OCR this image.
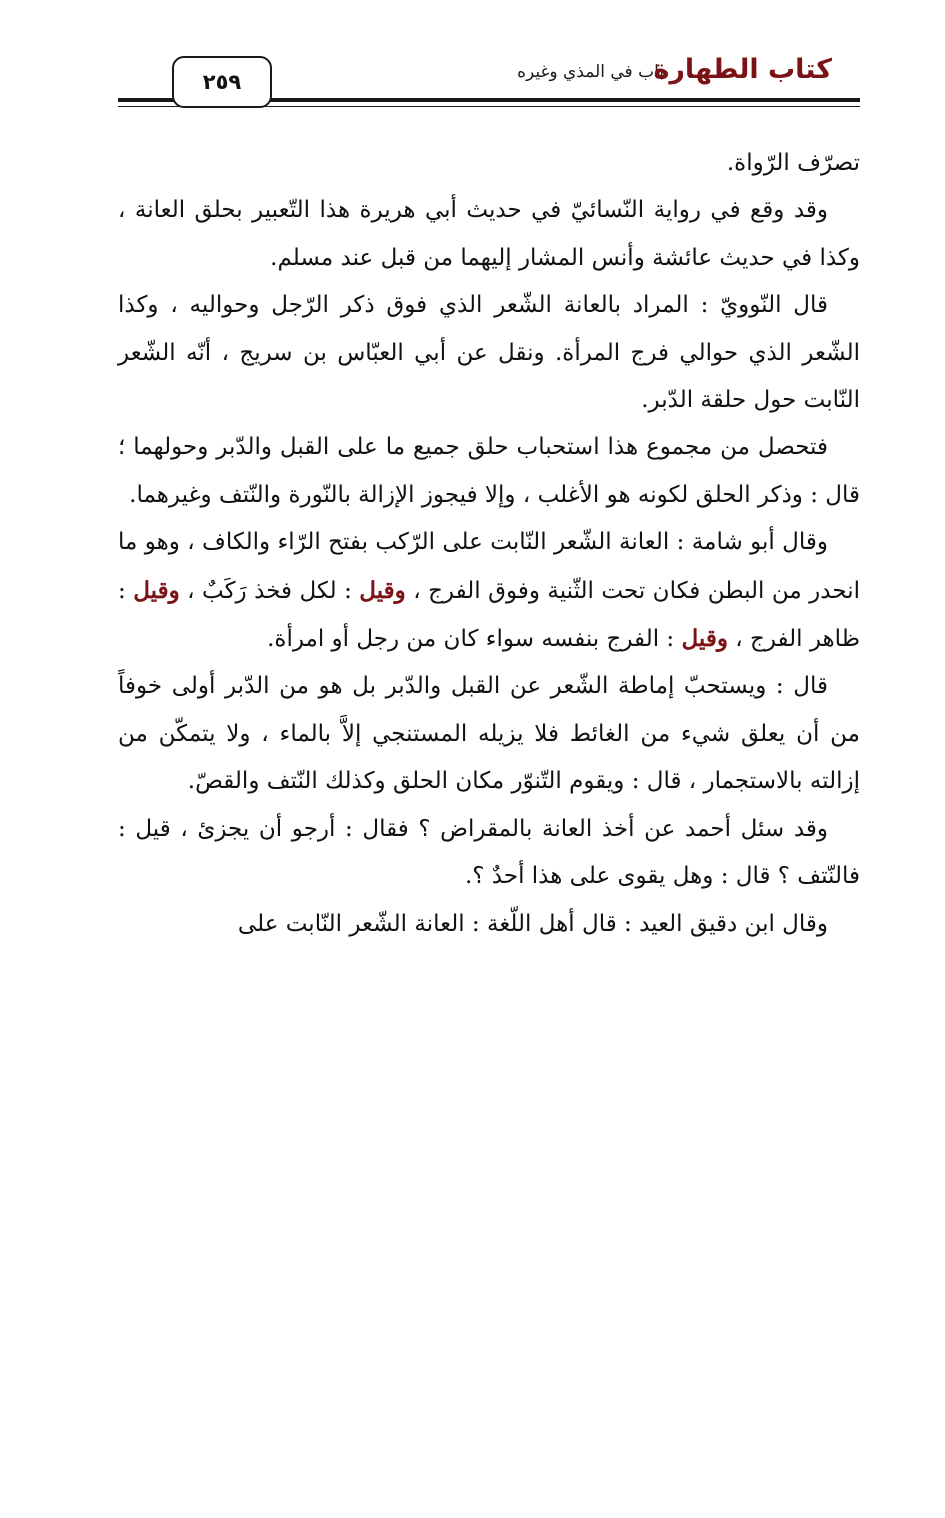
٢٥٩	باب في المذي وغيره
كتاب الطهارة

تصرّف الرّواة.

وقد وقع في رواية النّسائيّ في حديث أبي هريرة هذا التّعبير بحلق العانة ، وكذا في حديث عائشة وأنس المشار إليهما من قبل عند مسلم.

قال النّوويّ : المراد بالعانة الشّعر الذي فوق ذكر الرّجل وحواليه ، وكذا الشّعر الذي حوالي فرج المرأة. ونقل عن أبي العبّاس بن سريج ، أنّه الشّعر النّابت حول حلقة الدّبر.

فتحصل من مجموع هذا استحباب حلق جميع ما على القبل والدّبر وحولهما ؛ قال : وذكر الحلق لكونه هو الأغلب ، وإلا فيجوز الإزالة بالنّورة والنّتف وغيرهما.

وقال أبو شامة : العانة الشّعر النّابت على الرّكب بفتح الرّاء والكاف ، وهو ما انحدر من البطن فكان تحت الثّنية وفوق الفرج ، وقيل : لكل فخذ رَكَبٌ ، وقيل : ظاهر الفرج ، وقيل : الفرج بنفسه سواء كان من رجل أو امرأة.

قال : ويستحبّ إماطة الشّعر عن القبل والدّبر بل هو من الدّبر أولى خوفاً من أن يعلق شيء من الغائط فلا يزيله المستنجي إلاَّ بالماء ، ولا يتمكّن من إزالته بالاستجمار ، قال : ويقوم التّنوّر مكان الحلق وكذلك النّتف والقصّ.

وقد سئل أحمد عن أخذ العانة بالمقراض ؟ فقال : أرجو أن يجزئ ، قيل : فالنّتف ؟ قال : وهل يقوى على هذا أحدٌ ؟.

وقال ابن دقيق العيد : قال أهل اللّغة : العانة الشّعر النّابت على
